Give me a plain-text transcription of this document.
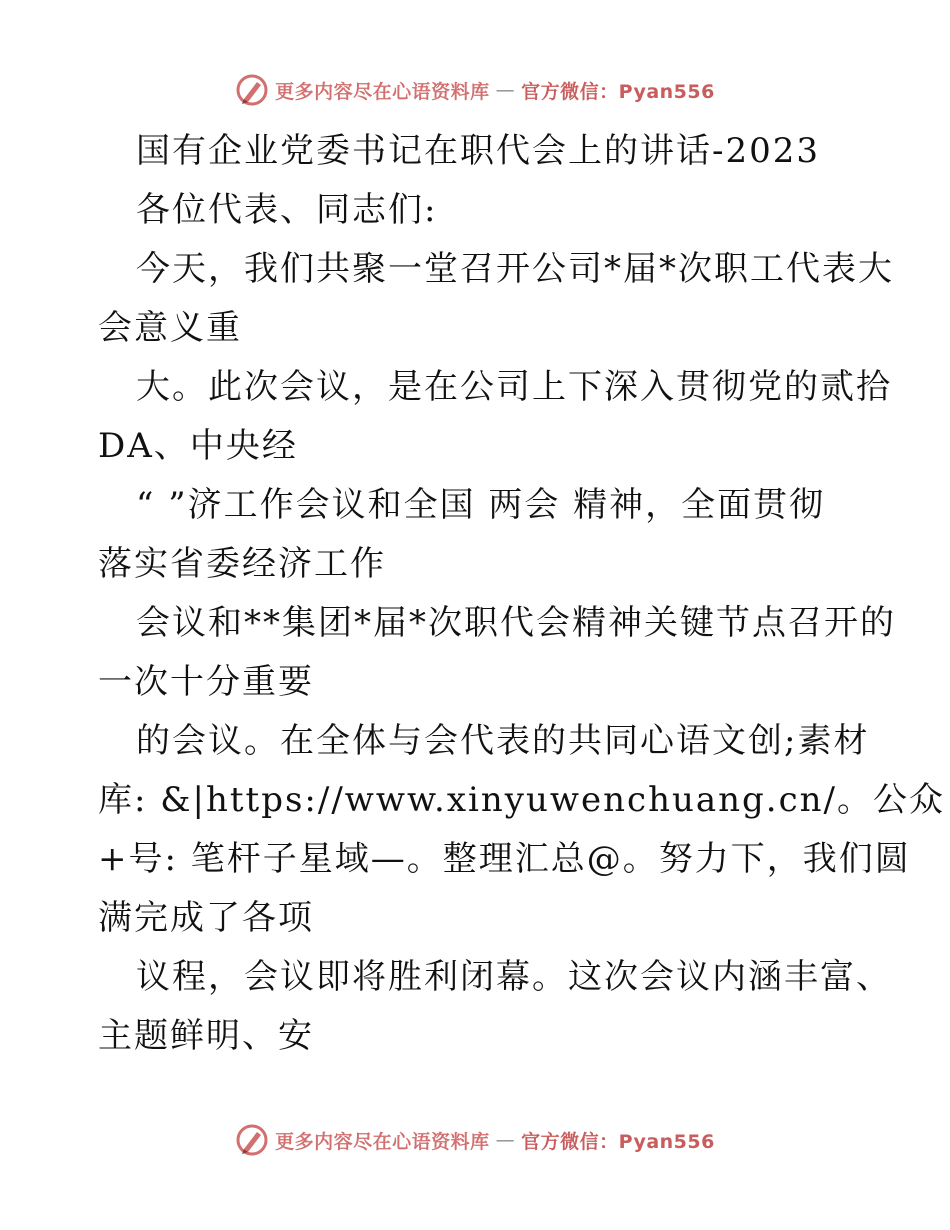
更多内容尽在心语资料库 — 官方微信：Pyan556
国有企业党委书记在职代会上的讲话-2023
各位代表、同志们:
今天，我们共聚一堂召开公司*届*次职工代表大
会意义重
大。此次会议，是在公司上下深入贯彻党的贰拾
DA、中央经
“ ”济工作会议和全国 两会 精神，全面贯彻
落实省委经济工作
会议和**集团*届*次职代会精神关键节点召开的
一次十分重要
的会议。在全体与会代表的共同心语文创;素材
库: &|https://www.xinyuwenchuang.cn/。公众
+号: 笔杆子星域—。整理汇总@。努力下，我们圆
满完成了各项
议程，会议即将胜利闭幕。这次会议内涵丰富、
主题鲜明、安
更多内容尽在心语资料库 — 官方微信：Pyan556
